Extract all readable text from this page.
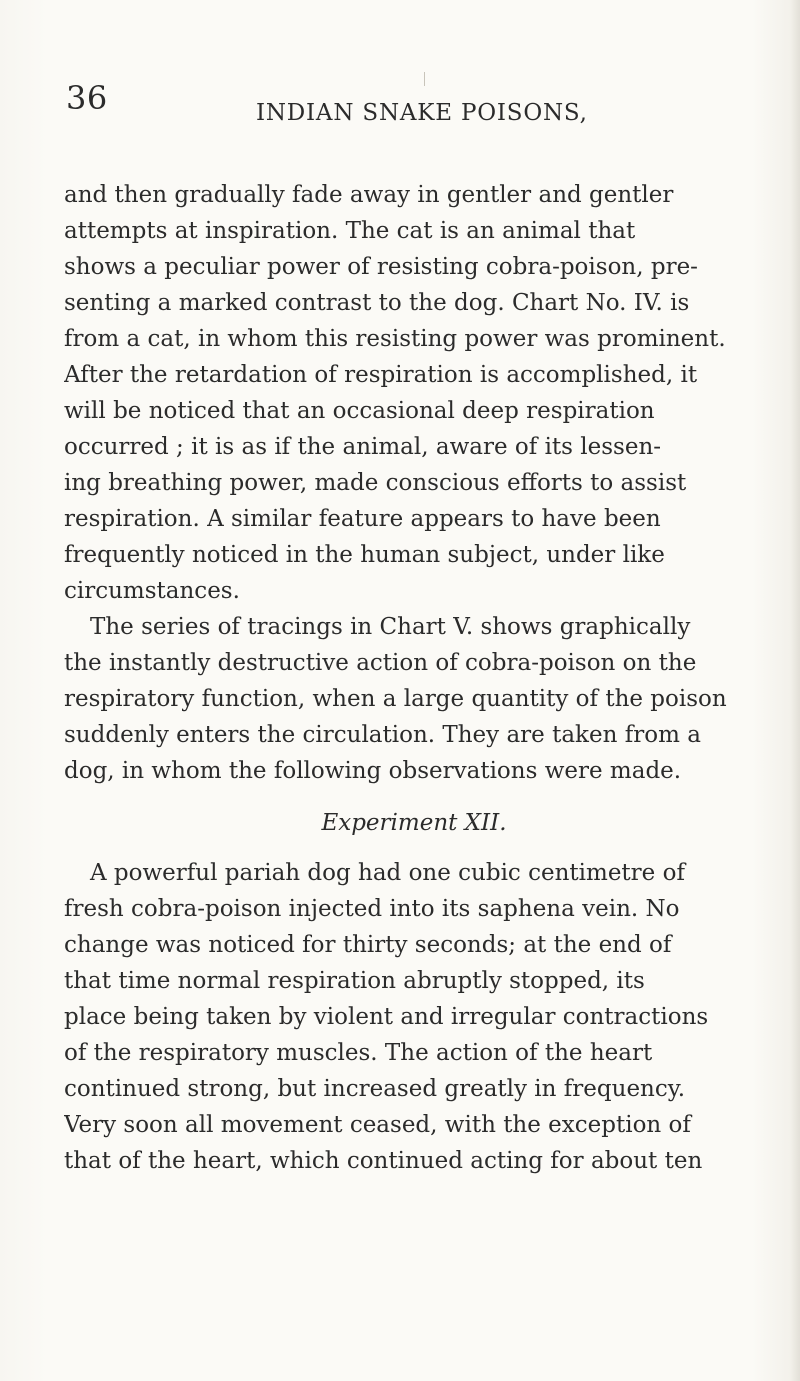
36	INDIAN SNAKE POISONS,
and then gradually fade away in gentler and gentler
attempts at inspiration. The cat is an animal that
shows a peculiar power of resisting cobra-poison, pre-
senting a marked contrast to the dog. Chart No. IV. is
from a cat, in whom this resisting power was prominent.
After the retardation of respiration is accomplished, it
will be noticed that an occasional deep respiration
occurred ; it is as if the animal, aware of its lessen-
ing breathing power, made conscious efforts to assist
respiration. A similar feature appears to have been
frequently noticed in the human subject, under like
circumstances.
The series of tracings in Chart V. shows graphically
the instantly destructive action of cobra-poison on the
respiratory function, when a large quantity of the poison
suddenly enters the circulation. They are taken from a
dog, in whom the following observations were made.
Experiment XII.
A powerful pariah dog had one cubic centimetre of
fresh cobra-poison injected into its saphena vein. No
change was noticed for thirty seconds; at the end of
that time normal respiration abruptly stopped, its
place being taken by violent and irregular contractions
of the respiratory muscles. The action of the heart
continued strong, but increased greatly in frequency.
Very soon all movement ceased, with the exception of
that of the heart, which continued acting for about ten
